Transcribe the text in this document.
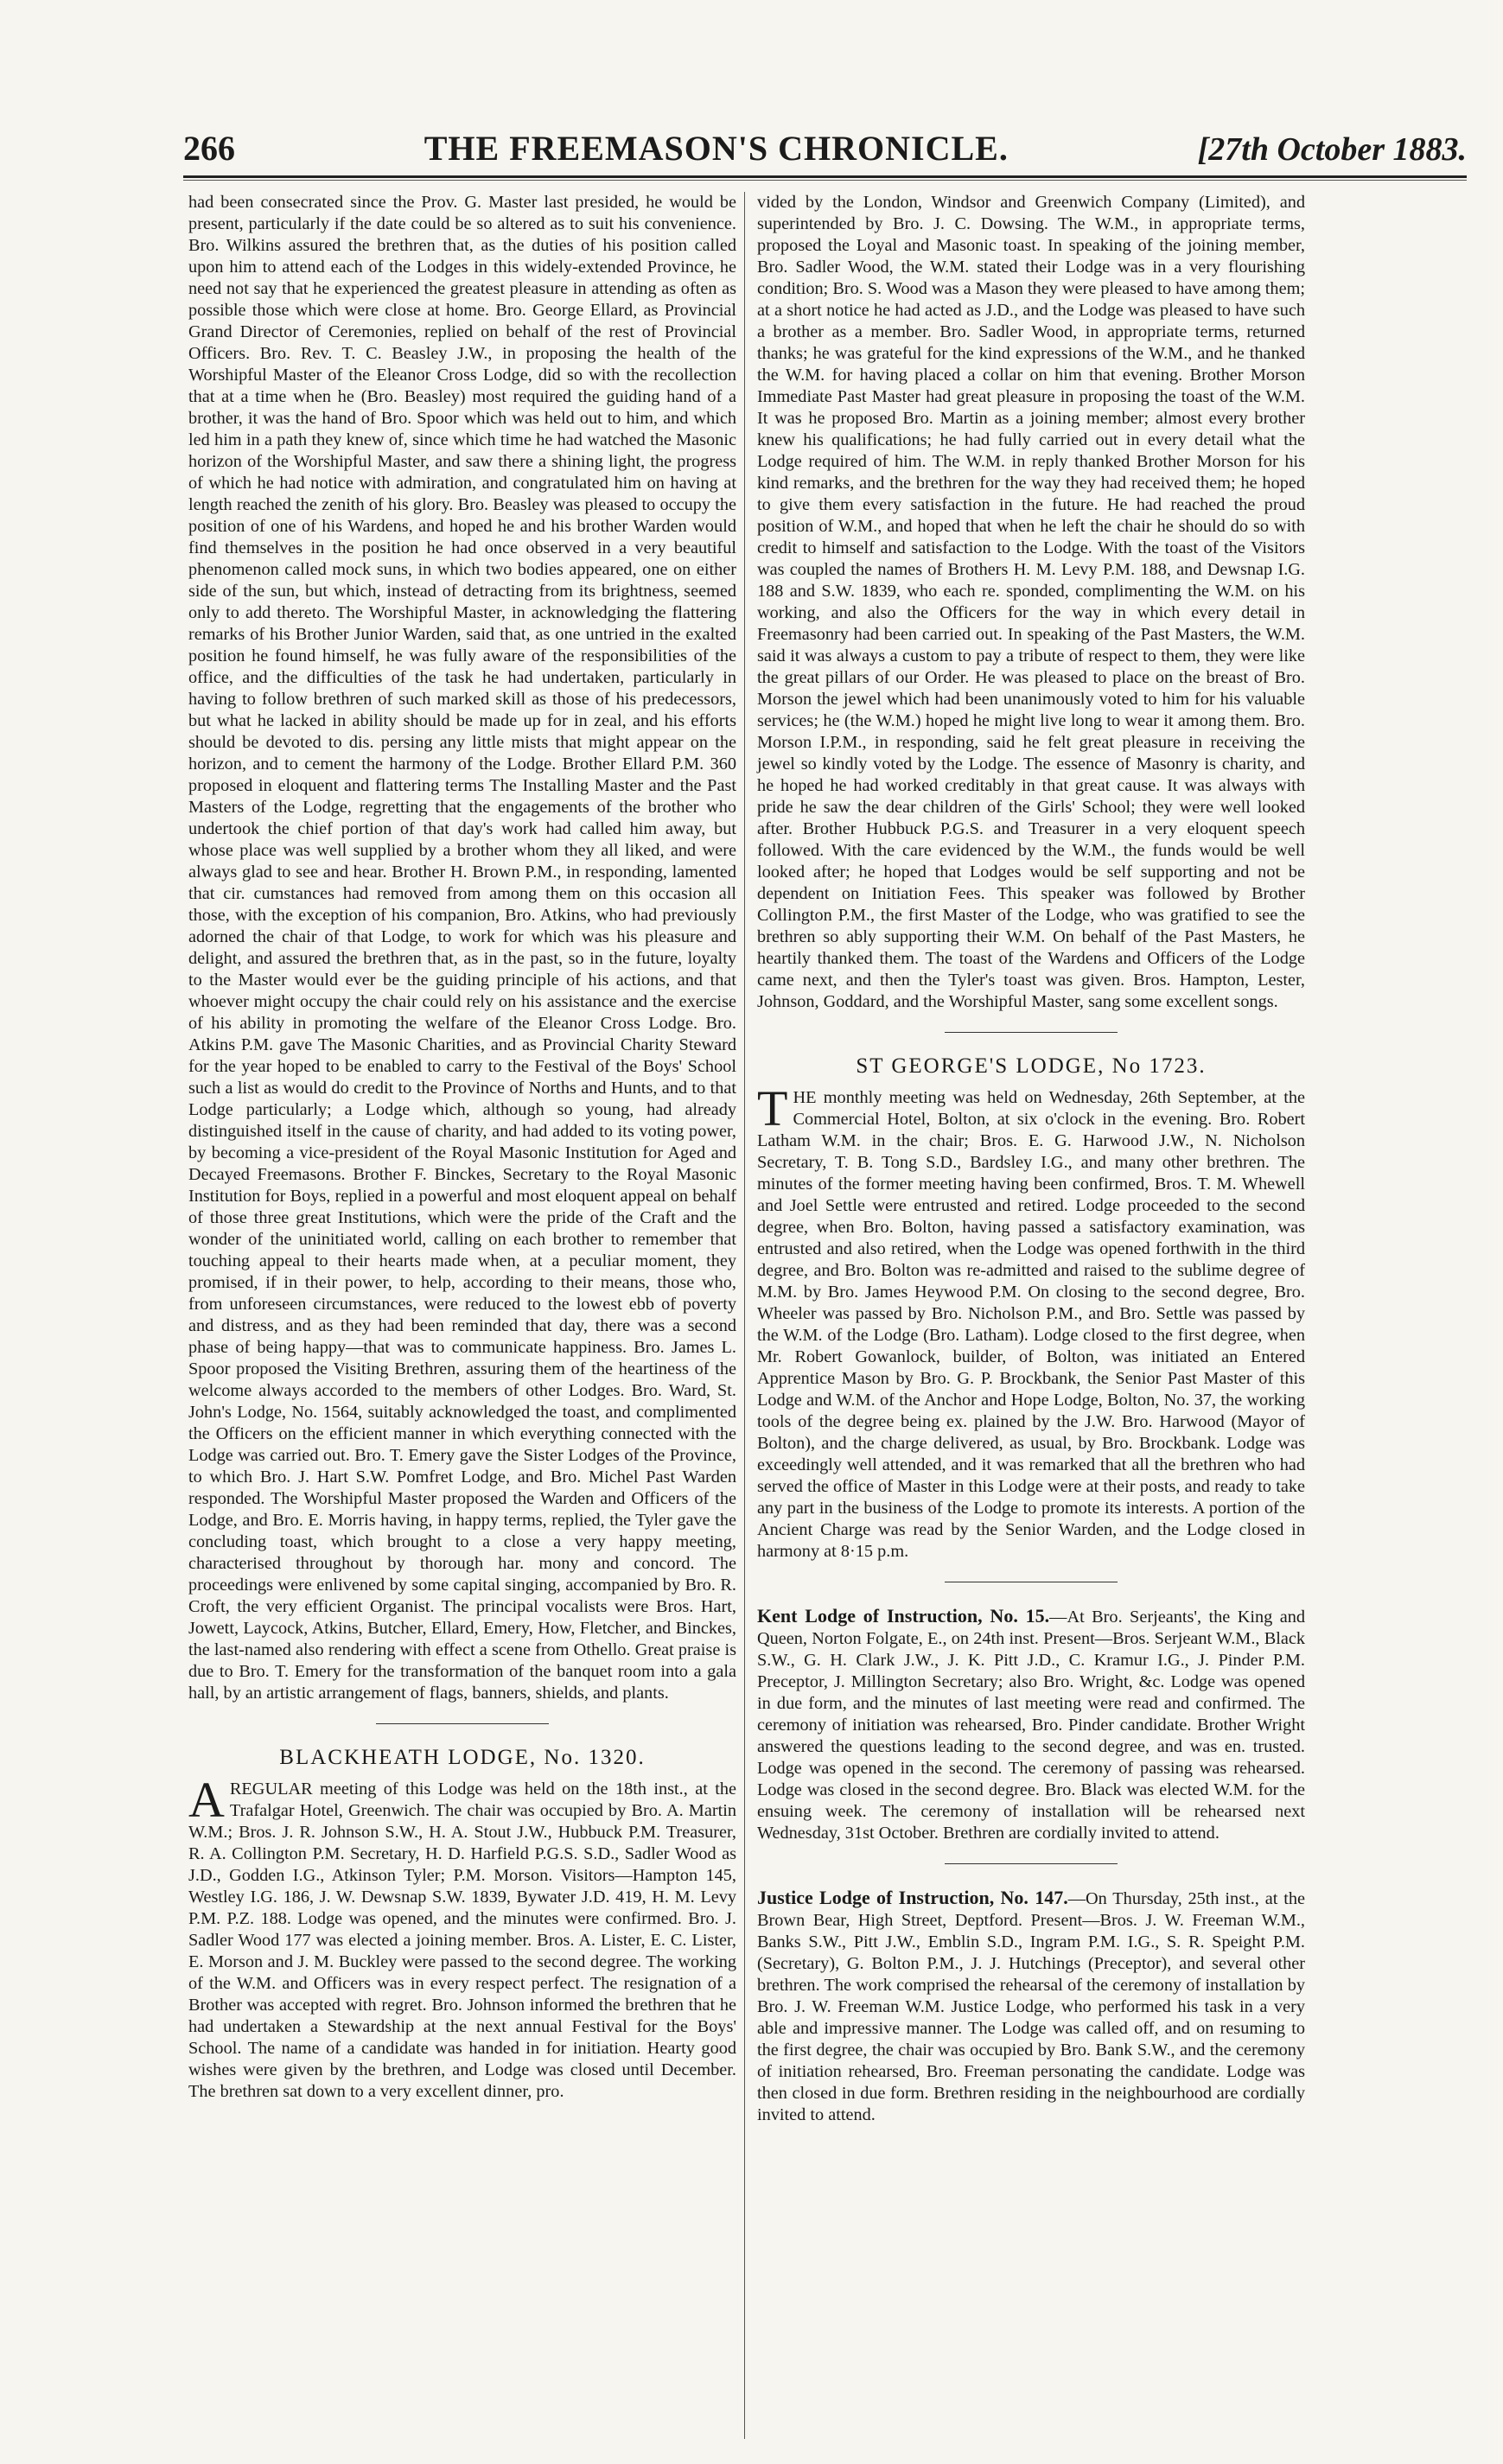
266	THE FREEMASON'S CHRONICLE.	[27th October 1883.

had been consecrated since the Prov. G. Master last presided, he would be present, particularly if the date could be so altered as to suit his convenience. Bro. Wilkins assured the brethren that, as the duties of his position called upon him to attend each of the Lodges in this widely-extended Province, he need not say that he experienced the greatest pleasure in attending as often as possible those which were close at home. Bro. George Ellard, as Provincial Grand Director of Ceremonies, replied on behalf of the rest of Provincial Officers. Bro. Rev. T. C. Beasley J.W., in proposing the health of the Worshipful Master of the Eleanor Cross Lodge, did so with the recollection that at a time when he (Bro. Beasley) most required the guiding hand of a brother, it was the hand of Bro. Spoor which was held out to him, and which led him in a path they knew of, since which time he had watched the Masonic horizon of the Worshipful Master, and saw there a shining light, the progress of which he had notice with admiration, and congratulated him on having at length reached the zenith of his glory. Bro. Beasley was pleased to occupy the position of one of his Wardens, and hoped he and his brother Warden would find themselves in the position he had once observed in a very beautiful phenomenon called mock suns, in which two bodies appeared, one on either side of the sun, but which, instead of detracting from its brightness, seemed only to add thereto. The Worshipful Master, in acknowledging the flattering remarks of his Brother Junior Warden, said that, as one untried in the exalted position he found himself, he was fully aware of the responsibilities of the office, and the difficulties of the task he had undertaken, particularly in having to follow brethren of such marked skill as those of his predecessors, but what he lacked in ability should be made up for in zeal, and his efforts should be devoted to dis. persing any little mists that might appear on the horizon, and to cement the harmony of the Lodge. Brother Ellard P.M. 360 proposed in eloquent and flattering terms The Installing Master and the Past Masters of the Lodge, regretting that the engagements of the brother who undertook the chief portion of that day's work had called him away, but whose place was well supplied by a brother whom they all liked, and were always glad to see and hear. Brother H. Brown P.M., in responding, lamented that cir. cumstances had removed from among them on this occasion all those, with the exception of his companion, Bro. Atkins, who had previously adorned the chair of that Lodge, to work for which was his pleasure and delight, and assured the brethren that, as in the past, so in the future, loyalty to the Master would ever be the guiding principle of his actions, and that whoever might occupy the chair could rely on his assistance and the exercise of his ability in promoting the welfare of the Eleanor Cross Lodge. Bro. Atkins P.M. gave The Masonic Charities, and as Provincial Charity Steward for the year hoped to be enabled to carry to the Festival of the Boys' School such a list as would do credit to the Province of Norths and Hunts, and to that Lodge particularly; a Lodge which, although so young, had already distinguished itself in the cause of charity, and had added to its voting power, by becoming a vice-president of the Royal Masonic Institution for Aged and Decayed Freemasons. Brother F. Binckes, Secretary to the Royal Masonic Institution for Boys, replied in a powerful and most eloquent appeal on behalf of those three great Institutions, which were the pride of the Craft and the wonder of the uninitiated world, calling on each brother to remember that touching appeal to their hearts made when, at a peculiar moment, they promised, if in their power, to help, according to their means, those who, from unforeseen circumstances, were reduced to the lowest ebb of poverty and distress, and as they had been reminded that day, there was a second phase of being happy—that was to communicate happiness. Bro. James L. Spoor proposed the Visiting Brethren, assuring them of the heartiness of the welcome always accorded to the members of other Lodges. Bro. Ward, St. John's Lodge, No. 1564, suitably acknowledged the toast, and complimented the Officers on the efficient manner in which everything connected with the Lodge was carried out. Bro. T. Emery gave the Sister Lodges of the Province, to which Bro. J. Hart S.W. Pomfret Lodge, and Bro. Michel Past Warden responded. The Worshipful Master proposed the Warden and Officers of the Lodge, and Bro. E. Morris having, in happy terms, replied, the Tyler gave the concluding toast, which brought to a close a very happy meeting, characterised throughout by thorough har. mony and concord. The proceedings were enlivened by some capital singing, accompanied by Bro. R. Croft, the very efficient Organist. The principal vocalists were Bros. Hart, Jowett, Laycock, Atkins, Butcher, Ellard, Emery, How, Fletcher, and Binckes, the last-named also rendering with effect a scene from Othello. Great praise is due to Bro. T. Emery for the transformation of the banquet room into a gala hall, by an artistic arrangement of flags, banners, shields, and plants.

BLACKHEATH LODGE, No. 1320.

AREGULAR meeting of this Lodge was held on the 18th inst., at the Trafalgar Hotel, Greenwich. The chair was occupied by Bro. A. Martin W.M.; Bros. J. R. Johnson S.W., H. A. Stout J.W., Hubbuck P.M. Treasurer, R. A. Collington P.M. Secretary, H. D. Harfield P.G.S. S.D., Sadler Wood as J.D., Godden I.G., Atkinson Tyler; P.M. Morson. Visitors—Hampton 145, Westley I.G. 186, J. W. Dewsnap S.W. 1839, Bywater J.D. 419, H. M. Levy P.M. P.Z. 188. Lodge was opened, and the minutes were confirmed. Bro. J. Sadler Wood 177 was elected a joining member. Bros. A. Lister, E. C. Lister, E. Morson and J. M. Buckley were passed to the second degree. The working of the W.M. and Officers was in every respect perfect. The resignation of a Brother was accepted with regret. Bro. Johnson informed the brethren that he had undertaken a Stewardship at the next annual Festival for the Boys' School. The name of a candidate was handed in for initiation. Hearty good wishes were given by the brethren, and Lodge was closed until December. The brethren sat down to a very excellent dinner, pro.

vided by the London, Windsor and Greenwich Company (Limited), and superintended by Bro. J. C. Dowsing. The W.M., in appropriate terms, proposed the Loyal and Masonic toast. In speaking of the joining member, Bro. Sadler Wood, the W.M. stated their Lodge was in a very flourishing condition; Bro. S. Wood was a Mason they were pleased to have among them; at a short notice he had acted as J.D., and the Lodge was pleased to have such a brother as a member. Bro. Sadler Wood, in appropriate terms, returned thanks; he was grateful for the kind expressions of the W.M., and he thanked the W.M. for having placed a collar on him that evening. Brother Morson Immediate Past Master had great pleasure in proposing the toast of the W.M. It was he proposed Bro. Martin as a joining member; almost every brother knew his qualifications; he had fully carried out in every detail what the Lodge required of him. The W.M. in reply thanked Brother Morson for his kind remarks, and the brethren for the way they had received them; he hoped to give them every satisfaction in the future. He had reached the proud position of W.M., and hoped that when he left the chair he should do so with credit to himself and satisfaction to the Lodge. With the toast of the Visitors was coupled the names of Brothers H. M. Levy P.M. 188, and Dewsnap I.G. 188 and S.W. 1839, who each re. sponded, complimenting the W.M. on his working, and also the Officers for the way in which every detail in Freemasonry had been carried out. In speaking of the Past Masters, the W.M. said it was always a custom to pay a tribute of respect to them, they were like the great pillars of our Order. He was pleased to place on the breast of Bro. Morson the jewel which had been unanimously voted to him for his valuable services; he (the W.M.) hoped he might live long to wear it among them. Bro. Morson I.P.M., in responding, said he felt great pleasure in receiving the jewel so kindly voted by the Lodge. The essence of Masonry is charity, and he hoped he had worked creditably in that great cause. It was always with pride he saw the dear children of the Girls' School; they were well looked after. Brother Hubbuck P.G.S. and Treasurer in a very eloquent speech followed. With the care evidenced by the W.M., the funds would be well looked after; he hoped that Lodges would be self supporting and not be dependent on Initiation Fees. This speaker was followed by Brother Collington P.M., the first Master of the Lodge, who was gratified to see the brethren so ably supporting their W.M. On behalf of the Past Masters, he heartily thanked them. The toast of the Wardens and Officers of the Lodge came next, and then the Tyler's toast was given. Bros. Hampton, Lester, Johnson, Goddard, and the Worshipful Master, sang some excellent songs.

ST GEORGE'S LODGE, No 1723.

THE monthly meeting was held on Wednesday, 26th September, at the Commercial Hotel, Bolton, at six o'clock in the evening. Bro. Robert Latham W.M. in the chair; Bros. E. G. Harwood J.W., N. Nicholson Secretary, T. B. Tong S.D., Bardsley I.G., and many other brethren. The minutes of the former meeting having been confirmed, Bros. T. M. Whewell and Joel Settle were entrusted and retired. Lodge proceeded to the second degree, when Bro. Bolton, having passed a satisfactory examination, was entrusted and also retired, when the Lodge was opened forthwith in the third degree, and Bro. Bolton was re-admitted and raised to the sublime degree of M.M. by Bro. James Heywood P.M. On closing to the second degree, Bro. Wheeler was passed by Bro. Nicholson P.M., and Bro. Settle was passed by the W.M. of the Lodge (Bro. Latham). Lodge closed to the first degree, when Mr. Robert Gowanlock, builder, of Bolton, was initiated an Entered Apprentice Mason by Bro. G. P. Brockbank, the Senior Past Master of this Lodge and W.M. of the Anchor and Hope Lodge, Bolton, No. 37, the working tools of the degree being ex. plained by the J.W. Bro. Harwood (Mayor of Bolton), and the charge delivered, as usual, by Bro. Brockbank. Lodge was exceedingly well attended, and it was remarked that all the brethren who had served the office of Master in this Lodge were at their posts, and ready to take any part in the business of the Lodge to promote its interests. A portion of the Ancient Charge was read by the Senior Warden, and the Lodge closed in harmony at 8·15 p.m.

Kent Lodge of Instruction, No. 15.—At Bro. Serjeants', the King and Queen, Norton Folgate, E., on 24th inst. Present—Bros. Serjeant W.M., Black S.W., G. H. Clark J.W., J. K. Pitt J.D., C. Kramur I.G., J. Pinder P.M. Preceptor, J. Millington Secretary; also Bro. Wright, &c. Lodge was opened in due form, and the minutes of last meeting were read and confirmed. The ceremony of initiation was rehearsed, Bro. Pinder candidate. Brother Wright answered the questions leading to the second degree, and was en. trusted. Lodge was opened in the second. The ceremony of passing was rehearsed. Lodge was closed in the second degree. Bro. Black was elected W.M. for the ensuing week. The ceremony of installation will be rehearsed next Wednesday, 31st October. Brethren are cordially invited to attend.

Justice Lodge of Instruction, No. 147.—On Thursday, 25th inst., at the Brown Bear, High Street, Deptford. Present—Bros. J. W. Freeman W.M., Banks S.W., Pitt J.W., Emblin S.D., Ingram P.M. I.G., S. R. Speight P.M. (Secretary), G. Bolton P.M., J. J. Hutchings (Preceptor), and several other brethren. The work comprised the rehearsal of the ceremony of installation by Bro. J. W. Freeman W.M. Justice Lodge, who performed his task in a very able and impressive manner. The Lodge was called off, and on resuming to the first degree, the chair was occupied by Bro. Bank S.W., and the ceremony of initiation rehearsed, Bro. Freeman personating the candidate. Lodge was then closed in due form. Brethren residing in the neighbourhood are cordially invited to attend.
